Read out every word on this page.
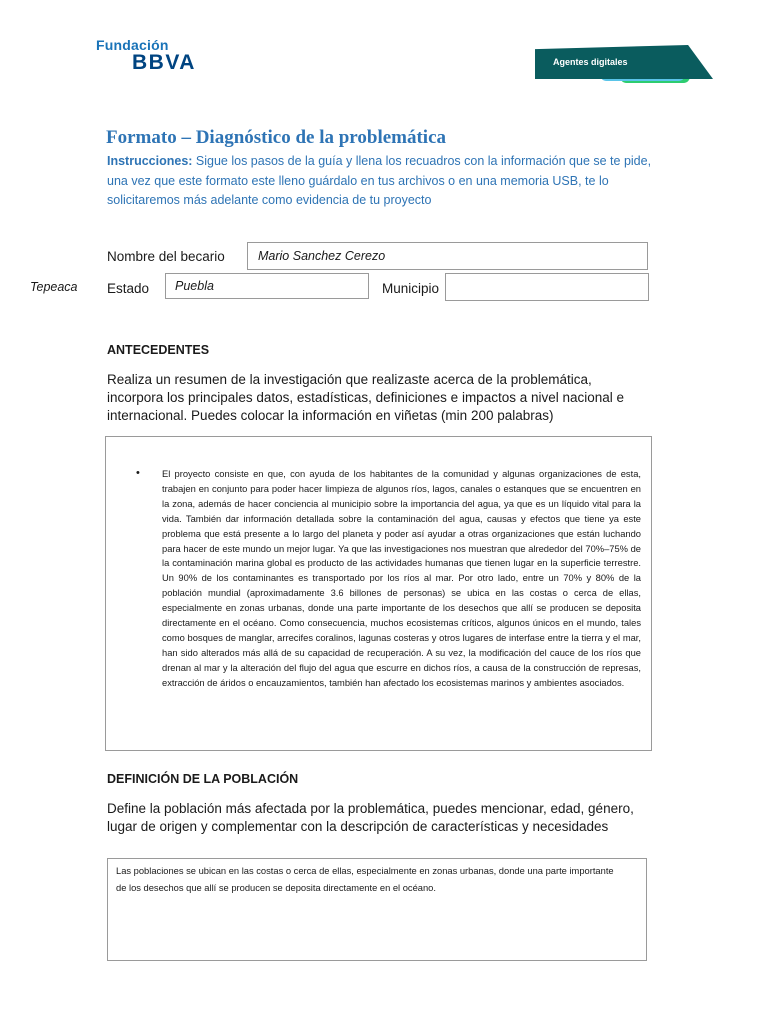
Fundación
BBVA	Agentes digitales
Formato – Diagnóstico de la problemática
Instrucciones: Sigue los pasos de la guía y llena los recuadros con la información que se te pide, una vez que este formato este lleno guárdalo en tus archivos o en una memoria USB, te lo solicitaremos más adelante como evidencia de tu proyecto
Nombre del becario	Mario Sanchez Cerezo
Tepeaca Estado Puebla	Municipio
ANTECEDENTES
Realiza un resumen de la investigación que realizaste acerca de la problemática, incorpora los principales datos, estadísticas, definiciones e impactos a nivel nacional e internacional. Puedes colocar la información en viñetas (min 200 palabras)
• El proyecto consiste en que, con ayuda de los habitantes de la comunidad y algunas organizaciones de esta, trabajen en conjunto para poder hacer limpieza de algunos ríos, lagos, canales o estanques que se encuentren en la zona, además de hacer conciencia al municipio sobre la importancia del agua, ya que es un líquido vital para la vida. También dar información detallada sobre la contaminación del agua, causas y efectos que tiene ya este problema que está presente a lo largo del planeta y poder así ayudar a otras organizaciones que están luchando para hacer de este mundo un mejor lugar. Ya que las investigaciones nos muestran que alrededor del 70%–75% de la contaminación marina global es producto de las actividades humanas que tienen lugar en la superficie terrestre. Un 90% de los contaminantes es transportado por los ríos al mar. Por otro lado, entre un 70% y 80% de la población mundial (aproximadamente 3.6 billones de personas) se ubica en las costas o cerca de ellas, especialmente en zonas urbanas, donde una parte importante de los desechos que allí se producen se deposita directamente en el océano. Como consecuencia, muchos ecosistemas críticos, algunos únicos en el mundo, tales como bosques de manglar, arrecifes coralinos, lagunas costeras y otros lugares de interfase entre la tierra y el mar, han sido alterados más allá de su capacidad de recuperación. A su vez, la modificación del cauce de los ríos que drenan al mar y la alteración del flujo del agua que escurre en dichos ríos, a causa de la construcción de represas, extracción de áridos o encauzamientos, también han afectado los ecosistemas marinos y ambientes asociados.
DEFINICIÓN DE LA POBLACIÓN
Define la población más afectada por la problemática, puedes mencionar, edad, género, lugar de origen y complementar con la descripción de características y necesidades
Las poblaciones se ubican en las costas o cerca de ellas, especialmente en zonas urbanas, donde una parte importante de los desechos que allí se producen se deposita directamente en el océano.
